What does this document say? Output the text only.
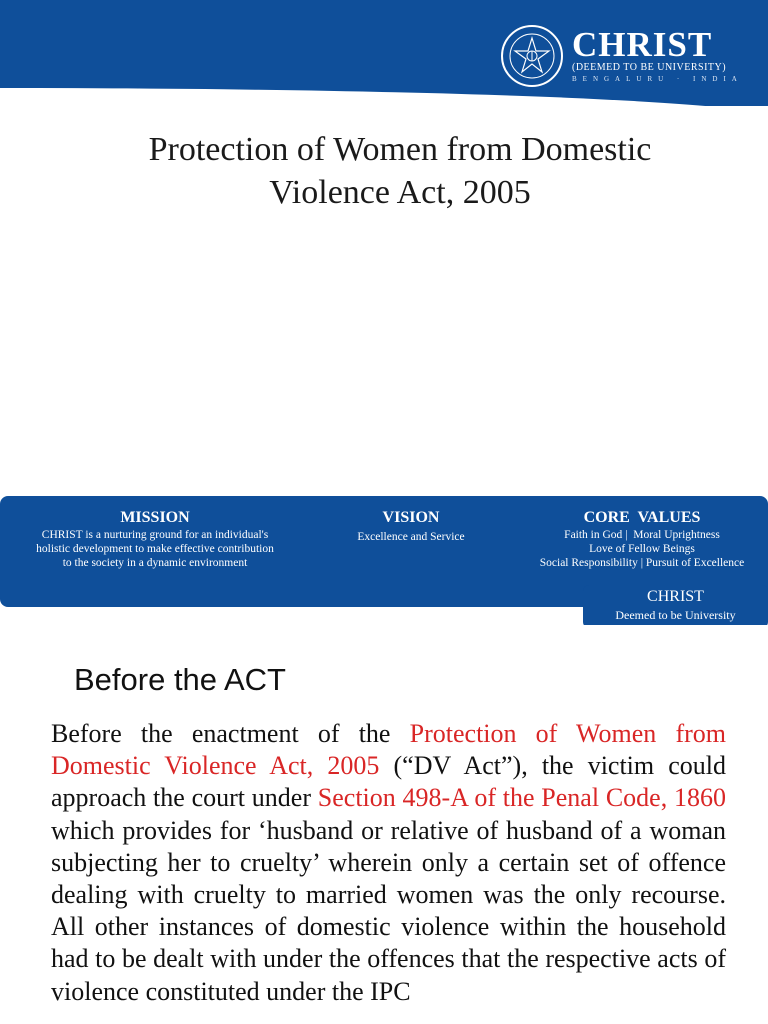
CHRIST
(DEEMED TO BE UNIVERSITY)
BENGALURU · INDIA
Protection of Women from Domestic
Violence Act, 2005
MISSION
CHRIST is a nurturing ground for an individual's
holistic development to make effective contribution
to the society in a dynamic environment
VISION
Excellence and Service
CORE  VALUES
Faith in God |  Moral Uprightness
Love of Fellow Beings
Social Responsibility | Pursuit of Excellence
CHRIST
Deemed to be University
Before the ACT
Before the enactment of the Protection of Women from Domestic Violence Act, 2005 (“DV Act”), the victim could approach the court under Section 498-A of the Penal Code, 1860 which provides for ‘husband or relative of husband of a woman subjecting her to cruelty’ wherein only a certain set of offence dealing with cruelty to married women was the only recourse. All other instances of domestic violence within the household had to be dealt with under the offences that the respective acts of violence constituted under the IPC
